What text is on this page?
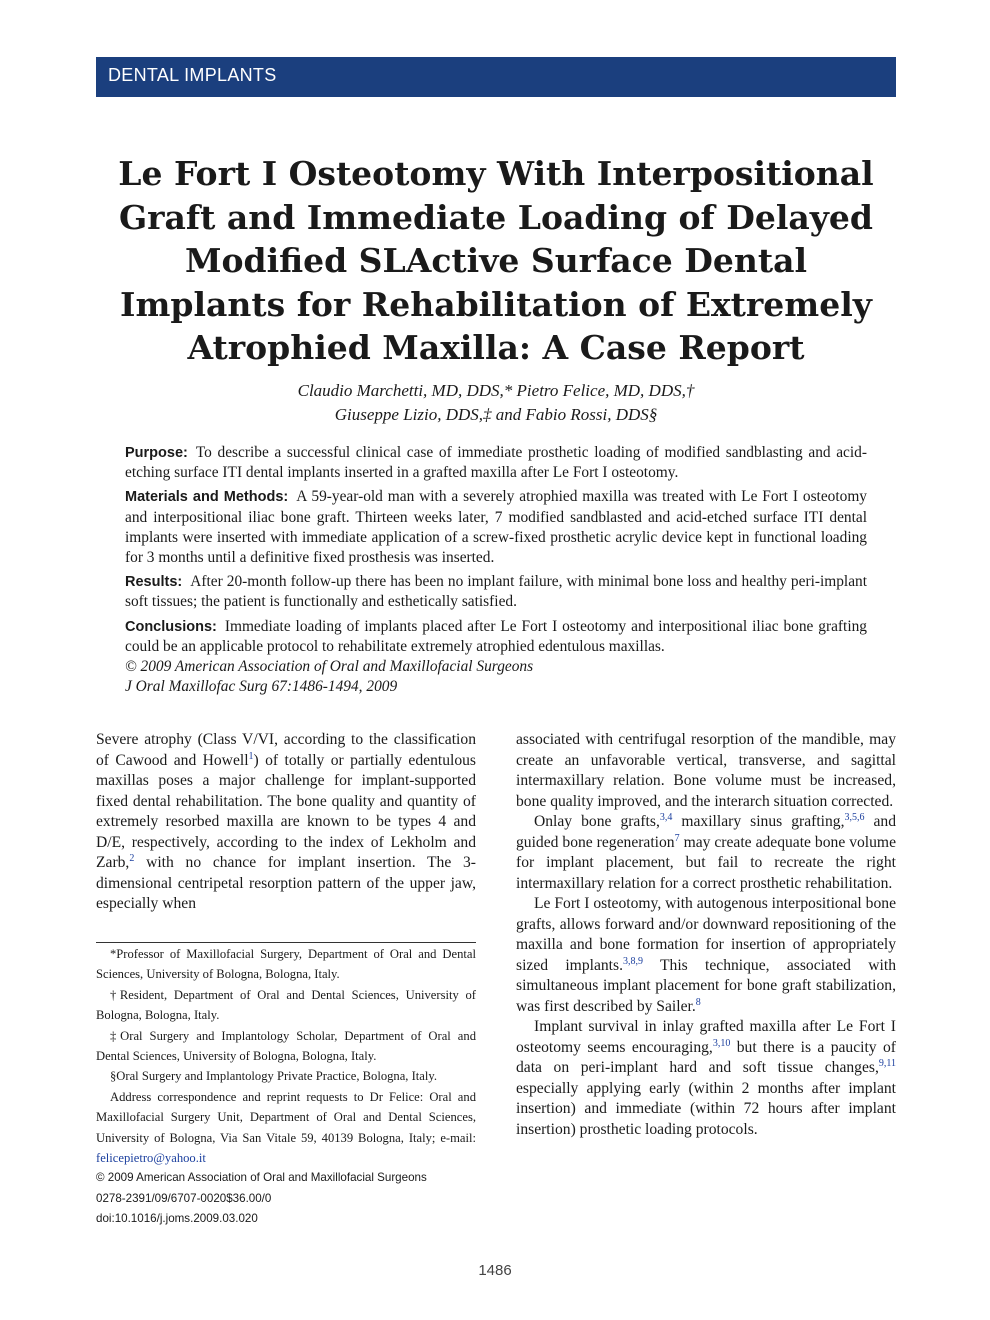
DENTAL IMPLANTS
Le Fort I Osteotomy With Interpositional Graft and Immediate Loading of Delayed Modified SLActive Surface Dental Implants for Rehabilitation of Extremely Atrophied Maxilla: A Case Report
Claudio Marchetti, MD, DDS,* Pietro Felice, MD, DDS,†
Giuseppe Lizio, DDS,‡ and Fabio Rossi, DDS§

Purpose: To describe a successful clinical case of immediate prosthetic loading of modified sandblasting and acid-etching surface ITI dental implants inserted in a grafted maxilla after Le Fort I osteotomy.

Materials and Methods: A 59-year-old man with a severely atrophied maxilla was treated with Le Fort I osteotomy and interpositional iliac bone graft. Thirteen weeks later, 7 modified sandblasted and acid-etched surface ITI dental implants were inserted with immediate application of a screw-fixed prosthetic acrylic device kept in functional loading for 3 months until a definitive fixed prosthesis was inserted.

Results: After 20-month follow-up there has been no implant failure, with minimal bone loss and healthy peri-implant soft tissues; the patient is functionally and esthetically satisfied.

Conclusions: Immediate loading of implants placed after Le Fort I osteotomy and interpositional iliac bone grafting could be an applicable protocol to rehabilitate extremely atrophied edentulous maxillas.

© 2009 American Association of Oral and Maxillofacial Surgeons
J Oral Maxillofac Surg 67:1486-1494, 2009

Severe atrophy (Class V/VI, according to the classification of Cawood and Howell$^1$) of totally or partially edentulous maxillas poses a major challenge for implant-supported fixed dental rehabilitation. The bone quality and quantity of extremely resorbed maxilla are known to be types 4 and D/E, respectively, according to the index of Lekholm and Zarb,$^2$ with no chance for implant insertion. The 3-dimensional centripetal resorption pattern of the upper jaw, especially when

*Professor of Maxillofacial Surgery, Department of Oral and Dental Sciences, University of Bologna, Bologna, Italy.

†Resident, Department of Oral and Dental Sciences, University of Bologna, Bologna, Italy.

‡Oral Surgery and Implantology Scholar, Department of Oral and Dental Sciences, University of Bologna, Bologna, Italy.

§Oral Surgery and Implantology Private Practice, Bologna, Italy.

Address correspondence and reprint requests to Dr Felice: Oral and Maxillofacial Surgery Unit, Department of Oral and Dental Sciences, University of Bologna, Via San Vitale 59, 40139 Bologna, Italy; e-mail: felicepietro@yahoo.it

© 2009 American Association of Oral and Maxillofacial Surgeons
0278-2391/09/6707-0020$36.00/0
doi:10.1016/j.joms.2009.03.020

associated with centrifugal resorption of the mandible, may create an unfavorable vertical, transverse, and sagittal intermaxillary relation. Bone volume must be increased, bone quality improved, and the interarch situation corrected.

Onlay bone grafts,$^{3,4}$ maxillary sinus grafting,$^{3,5,6}$ and guided bone regeneration$^7$ may create adequate bone volume for implant placement, but fail to recreate the right intermaxillary relation for a correct prosthetic rehabilitation.

Le Fort I osteotomy, with autogenous interpositional bone grafts, allows forward and/or downward repositioning of the maxilla and bone formation for insertion of appropriately sized implants.$^{3,8,9}$ This technique, associated with simultaneous implant placement for bone graft stabilization, was first described by Sailer.$^8$

Implant survival in inlay grafted maxilla after Le Fort I osteotomy seems encouraging,$^{3,10}$ but there is a paucity of data on peri-implant hard and soft tissue changes,$^{9,11}$ especially applying early (within 2 months after implant insertion) and immediate (within 72 hours after implant insertion) prosthetic loading protocols.

1486
